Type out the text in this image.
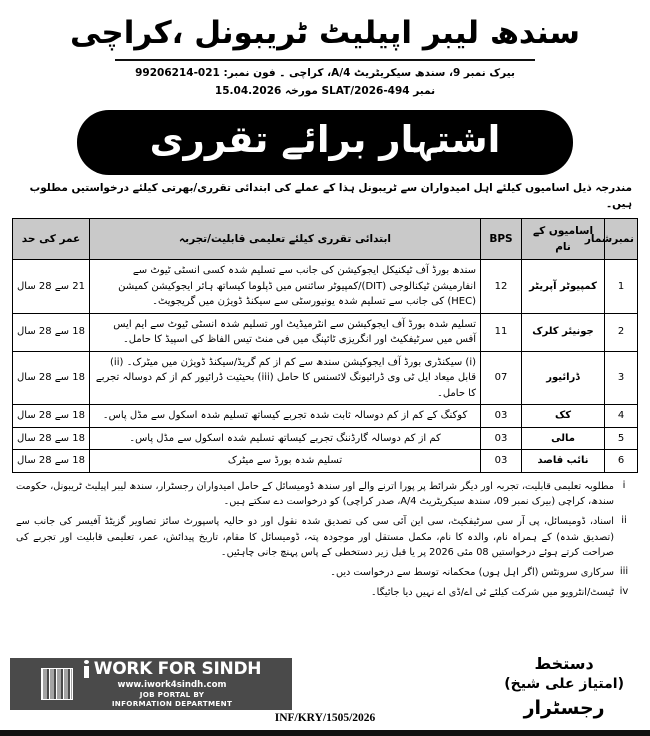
سندھ لیبر اپیلیٹ ٹریبونل ،کراچی
بیرک نمبر 9، سندھ سیکریٹریٹ 4/A، کراچی ۔ فون نمبر: 021-99206214
نمبر SLAT/2026-494 مورخہ 15.04.2026
اشتہار برائے تقرری
مندرجہ ذیل اسامیوں کیلئے اہل امیدواران سے ٹریبونل ہذا کے عملے کی ابتدائی تقرری/بھرتی کیلئے درخواستیں مطلوب ہیں۔
نمبرشمار	اسامیوں کے نام	BPS	ابتدائی تقرری کیلئے تعلیمی قابلیت/تجربہ	عمر کی حد
1	کمپیوٹر آپریٹر	12	سندھ بورڈ آف ٹیکنیکل ایجوکیشن کی جانب سے تسلیم شدہ کسی انسٹی ٹیوٹ سے انفارمیشن ٹیکنالوجی (DIT)/کمپیوٹر سائنس میں ڈپلوما کیساتھ ہائر ایجوکیشن کمیشن (HEC) کی جانب سے تسلیم شدہ یونیورسٹی سے سیکنڈ ڈویژن میں گریجویٹ۔	21 سے 28 سال
2	جونیئر کلرک	11	تسلیم شدہ بورڈ آف ایجوکیشن سے انٹرمیڈیٹ اور تسلیم شدہ انسٹی ٹیوٹ سے ایم ایس آفس میں سرٹیفکیٹ اور انگریزی ٹائپنگ میں فی منٹ تیس الفاظ کی اسپیڈ کا حامل۔	18 سے 28 سال
3	ڈرائیور	07	(i) سیکنڈری بورڈ آف ایجوکیشن سندھ سے کم از کم گریڈ/سیکنڈ ڈویژن میں میٹرک۔ (ii) قابل میعاد ایل ٹی وی ڈرائیونگ لائسنس کا حامل (iii) بحیثیت ڈرائیور کم از کم دوسالہ تجربے کا حامل۔	18 سے 28 سال
4	کک	03	کوکنگ کے کم از کم دوسالہ ثابت شدہ تجربے کیساتھ تسلیم شدہ اسکول سے مڈل پاس۔	18 سے 28 سال
5	مالی	03	کم از کم دوسالہ گارڈننگ تجربے کیساتھ تسلیم شدہ اسکول سے مڈل پاس۔	18 سے 28 سال
6	نائب قاصد	03	تسلیم شدہ بورڈ سے میٹرک	18 سے 28 سال
i
مطلوبہ تعلیمی قابلیت، تجربہ اور دیگر شرائط پر پورا اترنے والے اور سندھ ڈومیسائل کے حامل امیدواران رجسٹرار، سندھ لیبر اپیلیٹ ٹریبونل، حکومت سندھ، کراچی (بیرک نمبر 09، سندھ سیکریٹریٹ 4/A، صدر کراچی) کو درخواست دے سکتے ہیں۔
ii
اسناد، ڈومیسائل، پی آر سی سرٹیفکیٹ، سی این آئی سی کی تصدیق شدہ نقول اور دو حالیہ پاسپورٹ سائز تصاویر گزیٹڈ آفیسر کی جانب سے (تصدیق شدہ) کے ہمراہ نام، والدہ کا نام، مکمل مستقل اور موجودہ پتہ، ڈومیسائل کا مقام، تاریخ پیدائش، عمر، تعلیمی قابلیت اور تجربے کی صراحت کرتے ہوئے درخواستیں 08 مئی 2026 پر یا قبل زیر دستخطی کے پاس پہنچ جانی چاہئیں۔
iii
سرکاری سرونٹس (اگر اہل ہوں) محکمانہ توسط سے درخواست دیں۔
iv
ٹیسٹ/انٹرویو میں شرکت کیلئے ٹی اے/ڈی اے نہیں دیا جائیگا۔
WORK FOR SINDH
www.iwork4sindh.com
JOB PORTAL BY
INFORMATION DEPARTMENT
دستخط
(امتیاز علی شیخ)
رجسٹرار
INF/KRY/1505/2026
